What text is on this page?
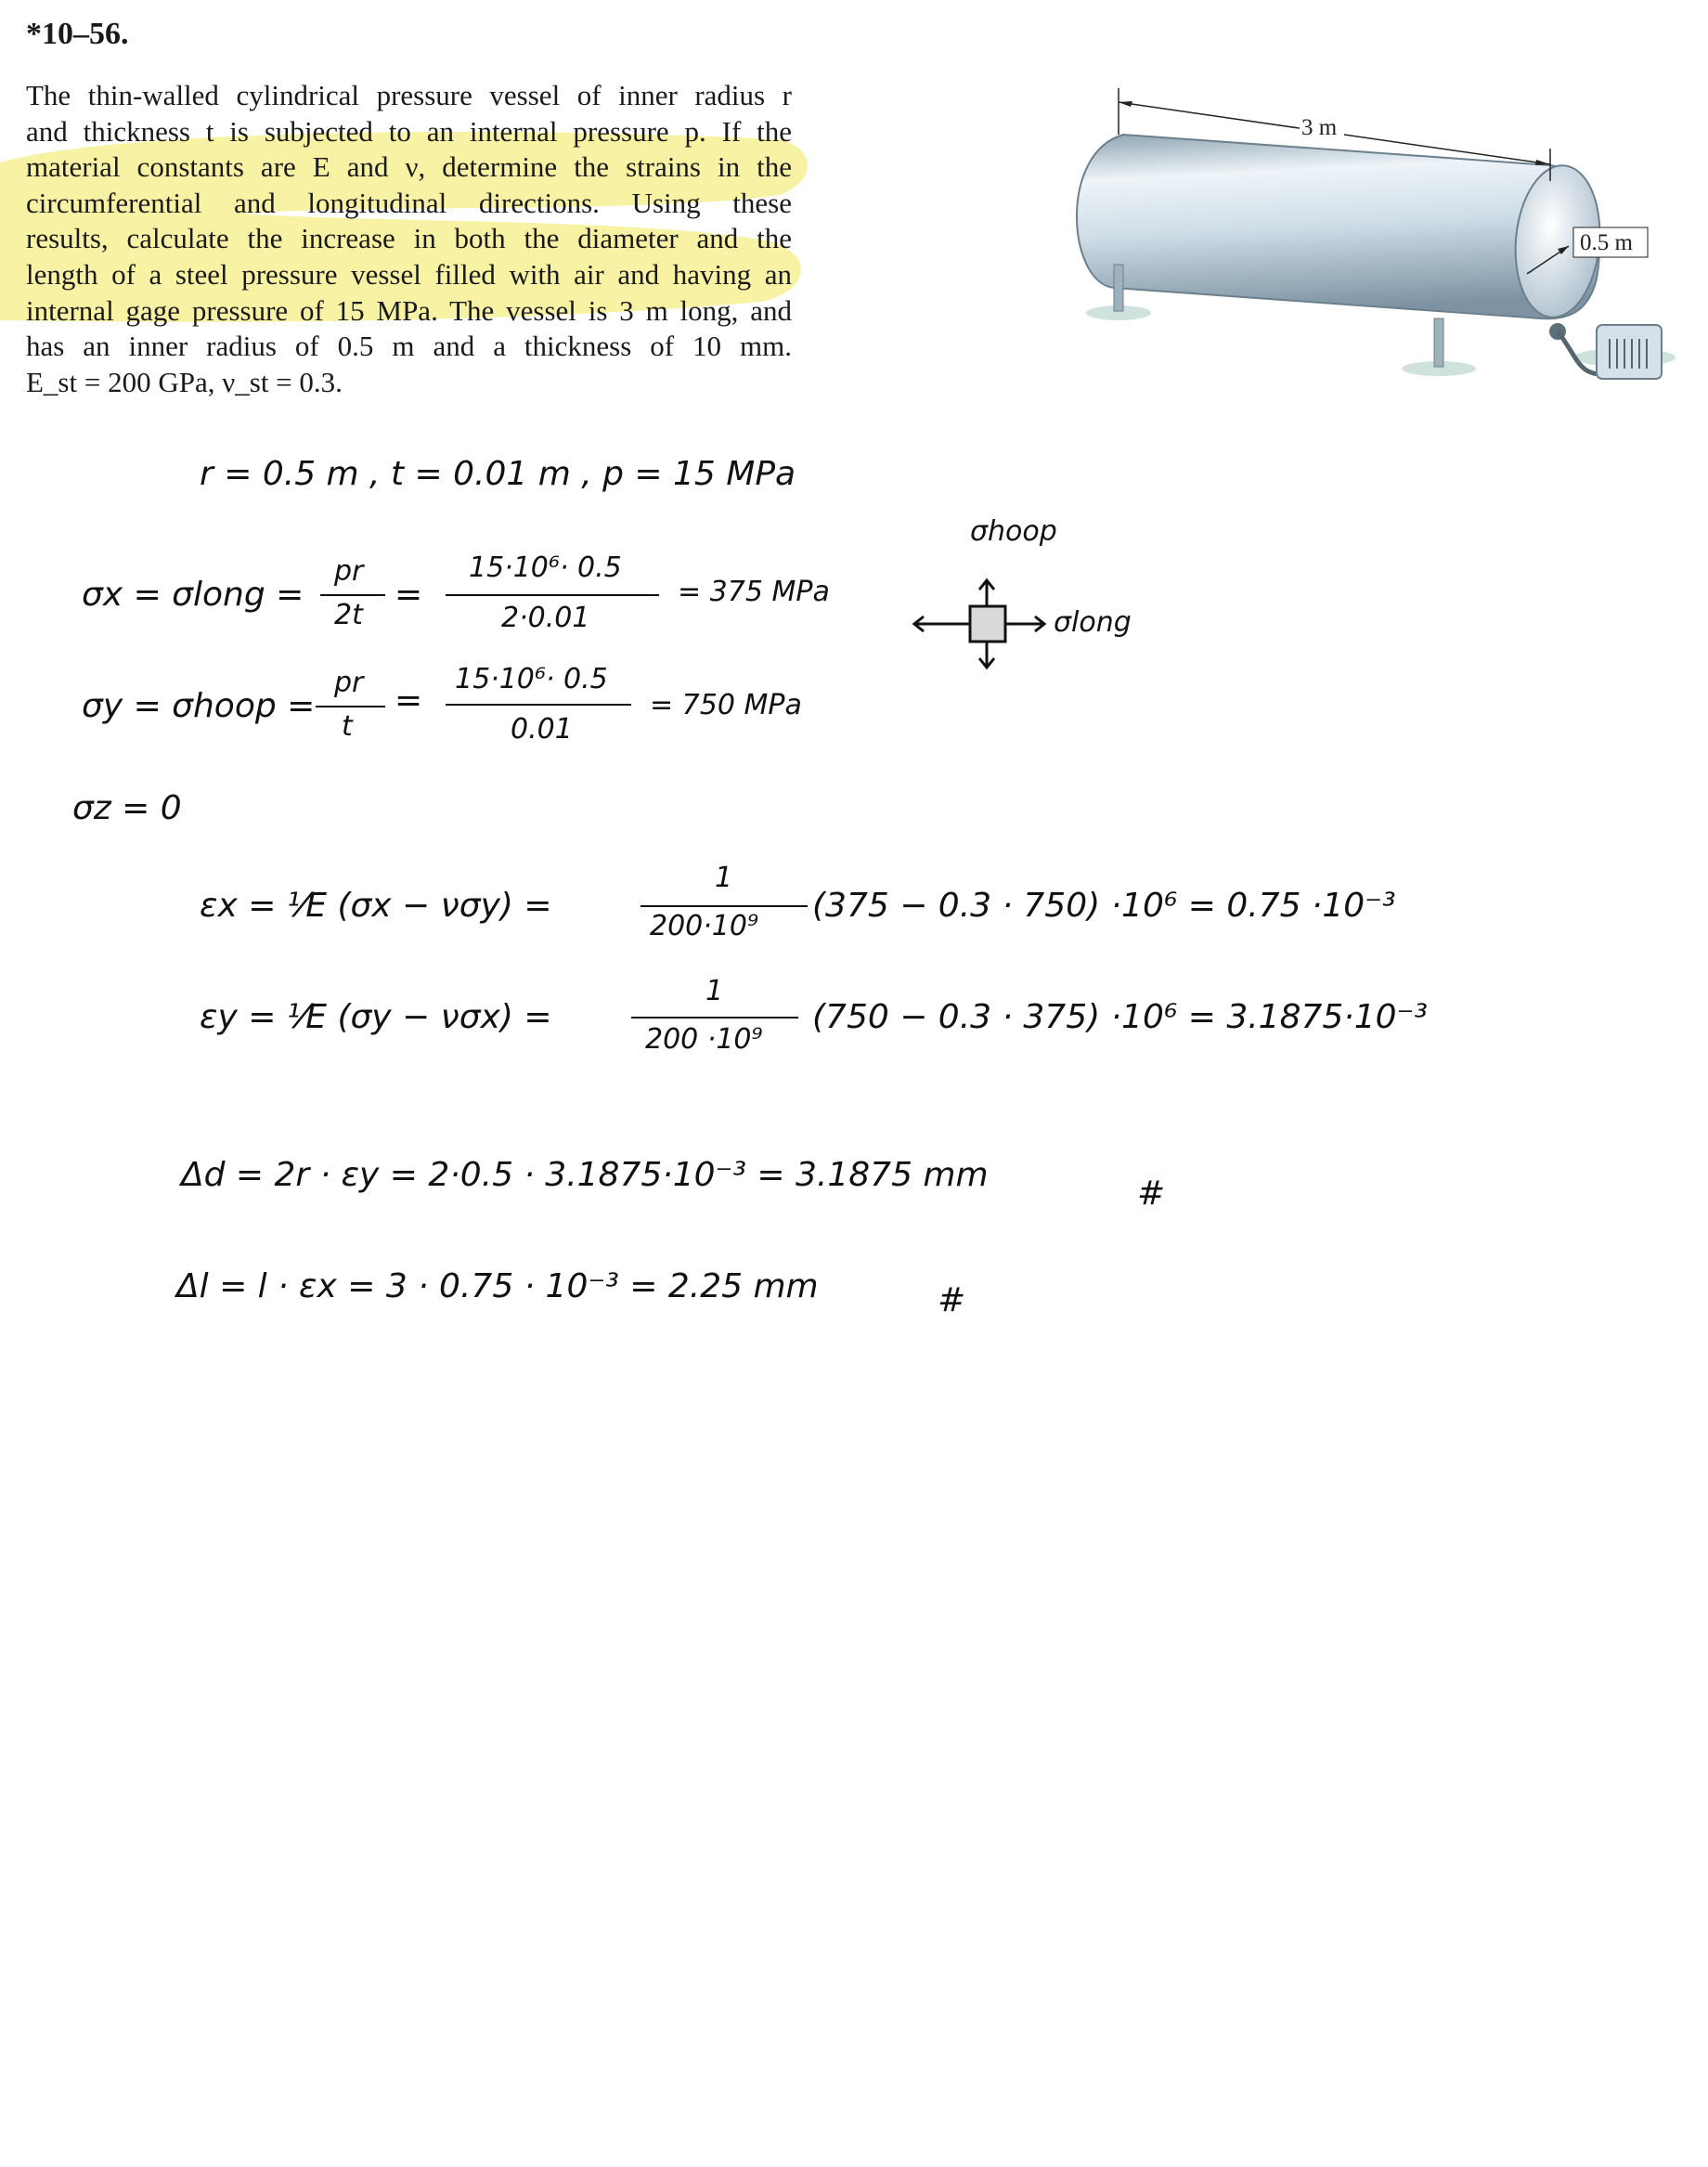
*10–56.
The thin-walled cylindrical pressure vessel of inner radius r
and thickness t is subjected to an internal pressure p. If the
material constants are E and ν, determine the strains in the
circumferential and longitudinal directions. Using these
results, calculate the increase in both the diameter and the
length of a steel pressure vessel filled with air and having an
internal gage pressure of 15 MPa. The vessel is 3 m long, and
has an inner radius of 0.5 m and a thickness of 10 mm.
E_st = 200 GPa, ν_st = 0.3.
3 m
0.5 m
r = 0.5 m , t = 0.01 m , p = 15 MPa
σx = σlong =
pr
2t
=
15·10⁶· 0.5
2·0.01
= 375 MPa
σy = σhoop =
pr
t
=
15·10⁶· 0.5
0.01
= 750 MPa
σz = 0
εx = ¹⁄E (σx − νσy) =
1
200·10⁹
(375 − 0.3 · 750) ·10⁶ = 0.75 ·10⁻³
εy = ¹⁄E (σy − νσx) =
1
200 ·10⁹
(750 − 0.3 · 375) ·10⁶ = 3.1875·10⁻³
Δd = 2r · εy = 2·0.5 · 3.1875·10⁻³ = 3.1875 mm	#
Δl = l · εx = 3 · 0.75 · 10⁻³ = 2.25 mm	#
σhoop
σlong
